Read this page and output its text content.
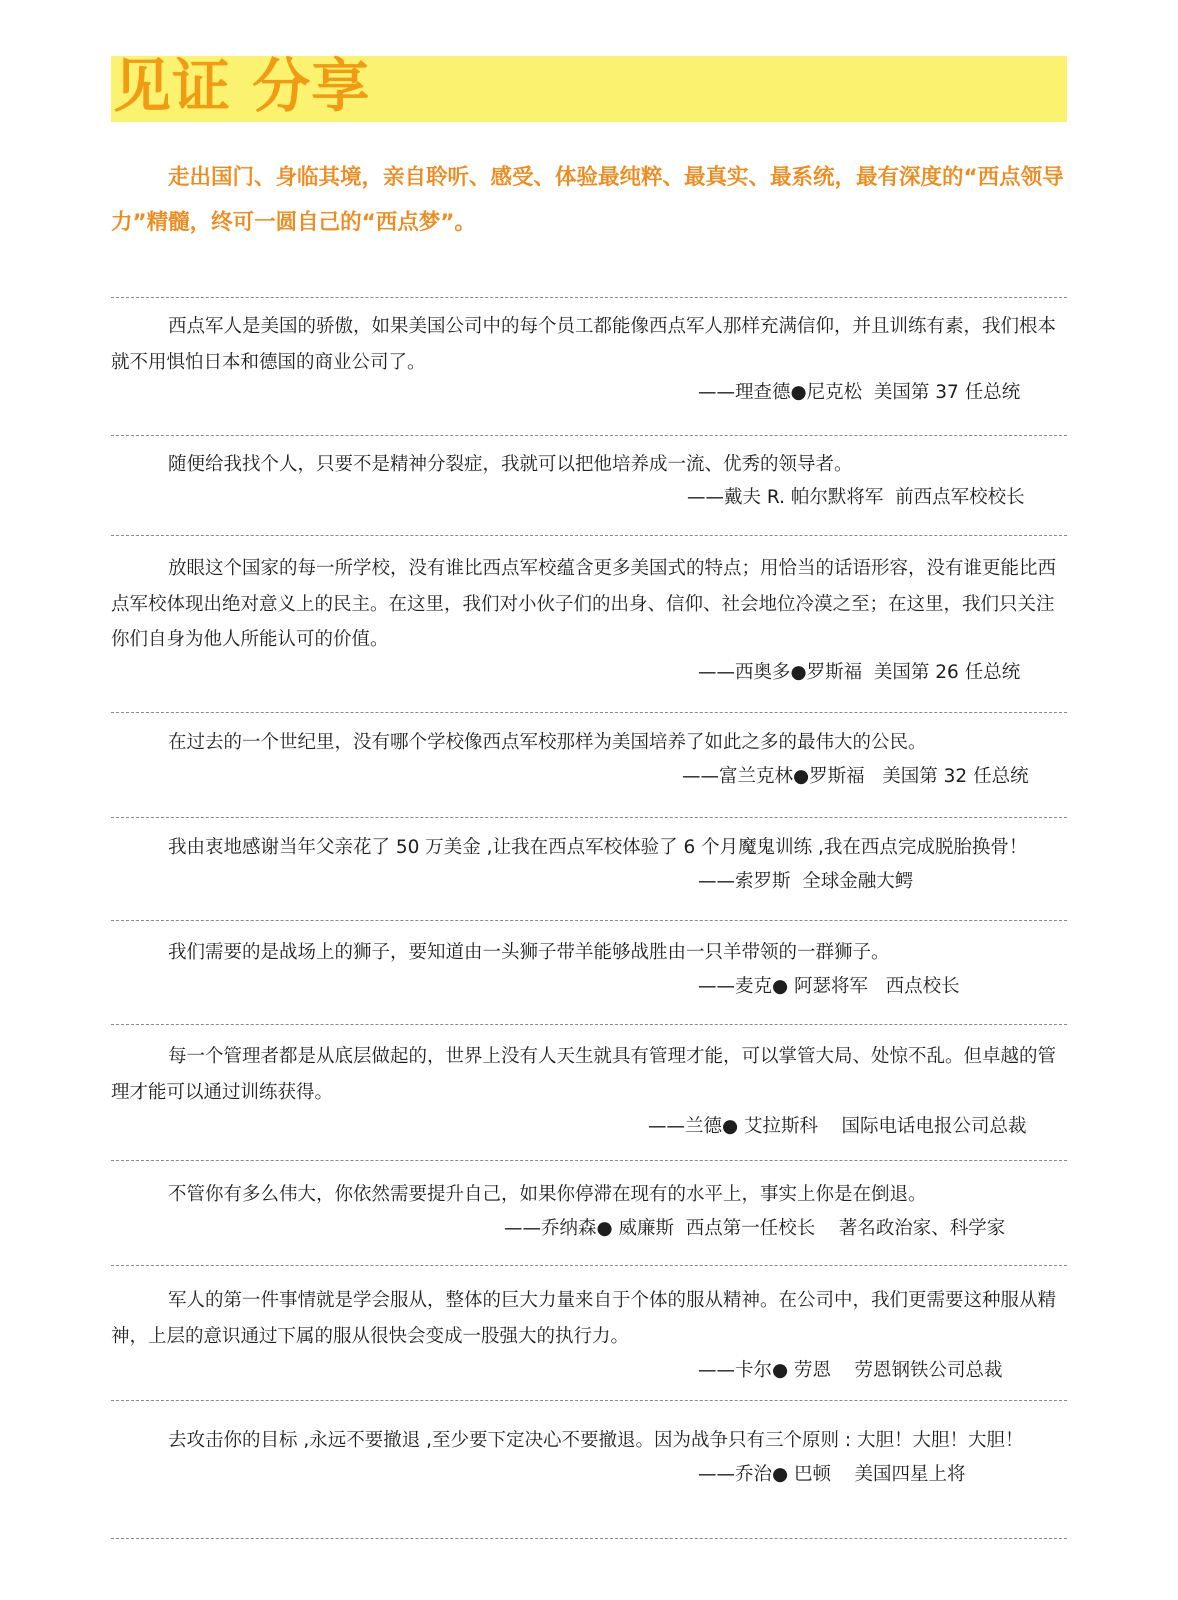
见证 分享

走出国门、身临其境，亲自聆听、感受、体验最纯粹、最真实、最系统，最有深度的“西点领导力”精髓，终可一圆自己的“西点梦”。

西点军人是美国的骄傲，如果美国公司中的每个员工都能像西点军人那样充满信仰，并且训练有素，我们根本就不用惧怕日本和德国的商业公司了。

——理查德●尼克松  美国第 37 任总统

随便给我找个人，只要不是精神分裂症，我就可以把他培养成一流、优秀的领导者。

——戴夫 R. 帕尔默将军  前西点军校校长

放眼这个国家的每一所学校，没有谁比西点军校蕴含更多美国式的特点；用恰当的话语形容，没有谁更能比西点军校体现出绝对意义上的民主。在这里，我们对小伙子们的出身、信仰、社会地位冷漠之至；在这里，我们只关注你们自身为他人所能认可的价值。

——西奥多●罗斯福  美国第 26 任总统

在过去的一个世纪里，没有哪个学校像西点军校那样为美国培养了如此之多的最伟大的公民。

——富兰克林●罗斯福   美国第 32 任总统

我由衷地感谢当年父亲花了 50 万美金 ,让我在西点军校体验了 6 个月魔鬼训练 ,我在西点完成脱胎换骨！

——索罗斯  全球金融大鳄

我们需要的是战场上的狮子，要知道由一头狮子带羊能够战胜由一只羊带领的一群狮子。

——麦克● 阿瑟将军   西点校长

每一个管理者都是从底层做起的，世界上没有人天生就具有管理才能，可以掌管大局、处惊不乱。但卓越的管理才能可以通过训练获得。

——兰德● 艾拉斯科    国际电话电报公司总裁

不管你有多么伟大，你依然需要提升自己，如果你停滞在现有的水平上，事实上你是在倒退。

——乔纳森● 威廉斯  西点第一任校长    著名政治家、科学家

军人的第一件事情就是学会服从，整体的巨大力量来自于个体的服从精神。在公司中，我们更需要这种服从精神，上层的意识通过下属的服从很快会变成一股强大的执行力。

——卡尔● 劳恩    劳恩钢铁公司总裁

去攻击你的目标 ,永远不要撤退 ,至少要下定决心不要撤退。因为战争只有三个原则 : 大胆！大胆！大胆！

——乔治● 巴顿    美国四星上将
